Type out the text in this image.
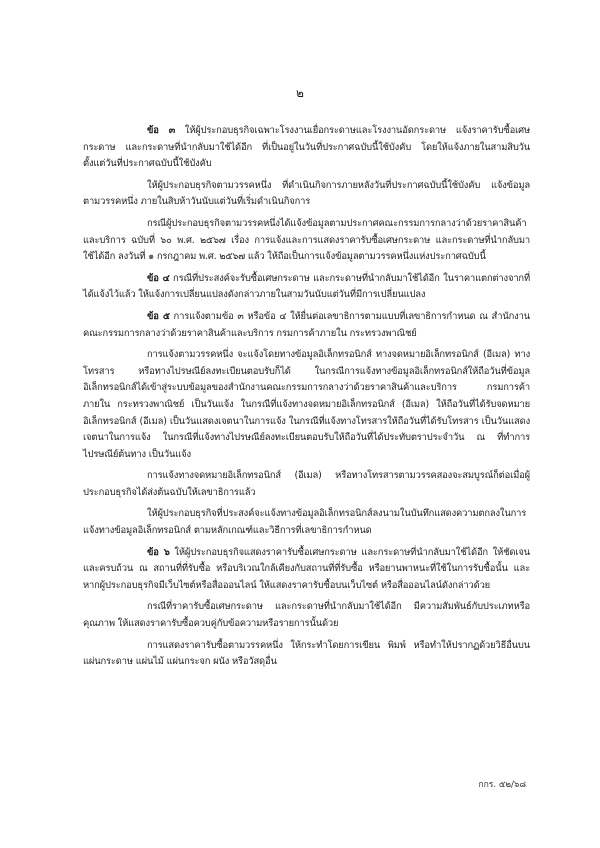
๒

ข้อ ๓ ให้ผู้ประกอบธุรกิจเฉพาะโรงงานเยื่อกระดาษและโรงงานอัดกระดาษ แจ้งราคารับซื้อเศษกระดาษ และกระดาษที่นำกลับมาใช้ได้อีก ที่เป็นอยู่ในวันที่ประกาศฉบับนี้ใช้บังคับ โดยให้แจ้งภายในสามสิบวันตั้งแต่วันที่ประกาศฉบับนี้ใช้บังคับ

ให้ผู้ประกอบธุรกิจตามวรรคหนึ่ง ที่ดำเนินกิจการภายหลังวันที่ประกาศฉบับนี้ใช้บังคับ แจ้งข้อมูลตามวรรคหนึ่ง ภายในสิบห้าวันนับแต่วันที่เริ่มดำเนินกิจการ

กรณีผู้ประกอบธุรกิจตามวรรคหนึ่งได้แจ้งข้อมูลตามประกาศคณะกรรมการกลางว่าด้วยราคาสินค้าและบริการ ฉบับที่ ๖๐ พ.ศ. ๒๕๖๗ เรื่อง การแจ้งและการแสดงราคารับซื้อเศษกระดาษ และกระดาษที่นำกลับมาใช้ได้อีก ลงวันที่ ๑ กรกฎาคม พ.ศ. ๒๕๖๗ แล้ว ให้ถือเป็นการแจ้งข้อมูลตามวรรคหนึ่งแห่งประกาศฉบับนี้

ข้อ ๔ กรณีที่ประสงค์จะรับซื้อเศษกระดาษ และกระดาษที่นำกลับมาใช้ได้อีก ในราคาแตกต่างจากที่ได้แจ้งไว้แล้ว ให้แจ้งการเปลี่ยนแปลงดังกล่าวภายในสามวันนับแต่วันที่มีการเปลี่ยนแปลง

ข้อ ๕ การแจ้งตามข้อ ๓ หรือข้อ ๔ ให้ยื่นต่อเลขาธิการตามแบบที่เลขาธิการกำหนด ณ สำนักงานคณะกรรมการกลางว่าด้วยราคาสินค้าและบริการ กรมการค้าภายใน กระทรวงพาณิชย์

การแจ้งตามวรรคหนึ่ง จะแจ้งโดยทางข้อมูลอิเล็กทรอนิกส์ ทางจดหมายอิเล็กทรอนิกส์ (อีเมล) ทางโทรสาร หรือทางไปรษณีย์ลงทะเบียนตอบรับก็ได้ ในกรณีการแจ้งทางข้อมูลอิเล็กทรอนิกส์ให้ถือวันที่ข้อมูลอิเล็กทรอนิกส์ได้เข้าสู่ระบบข้อมูลของสำนักงานคณะกรรมการกลางว่าด้วยราคาสินค้าและบริการ กรมการค้าภายใน กระทรวงพาณิชย์ เป็นวันแจ้ง ในกรณีที่แจ้งทางจดหมายอิเล็กทรอนิกส์ (อีเมล) ให้ถือวันที่ได้รับจดหมายอิเล็กทรอนิกส์ (อีเมล) เป็นวันแสดงเจตนาในการแจ้ง ในกรณีที่แจ้งทางโทรสารให้ถือวันที่ได้รับโทรสาร เป็นวันแสดงเจตนาในการแจ้ง ในกรณีที่แจ้งทางไปรษณีย์ลงทะเบียนตอบรับให้ถือวันที่ได้ประทับตราประจำวัน ณ ที่ทำการไปรษณีย์ต้นทาง เป็นวันแจ้ง

การแจ้งทางจดหมายอิเล็กทรอนิกส์ (อีเมล) หรือทางโทรสารตามวรรคสองจะสมบูรณ์ก็ต่อเมื่อผู้ประกอบธุรกิจได้ส่งต้นฉบับให้เลขาธิการแล้ว

ให้ผู้ประกอบธุรกิจที่ประสงค์จะแจ้งทางข้อมูลอิเล็กทรอนิกส์ลงนามในบันทึกแสดงความตกลงในการแจ้งทางข้อมูลอิเล็กทรอนิกส์ ตามหลักเกณฑ์และวิธีการที่เลขาธิการกำหนด

ข้อ ๖ ให้ผู้ประกอบธุรกิจแสดงราคารับซื้อเศษกระดาษ และกระดาษที่นำกลับมาใช้ได้อีก ให้ชัดเจนและครบถ้วน ณ สถานที่ที่รับซื้อ หรือบริเวณใกล้เคียงกับสถานที่ที่รับซื้อ หรือยานพาหนะที่ใช้ในการรับซื้อนั้น และหากผู้ประกอบธุรกิจมีเว็บไซต์หรือสื่อออนไลน์ ให้แสดงราคารับซื้อบนเว็บไซต์ หรือสื่อออนไลน์ดังกล่าวด้วย

กรณีที่ราคารับซื้อเศษกระดาษ และกระดาษที่นำกลับมาใช้ได้อีก มีความสัมพันธ์กับประเภทหรือคุณภาพ ให้แสดงราคารับซื้อควบคู่กับข้อความหรือรายการนั้นด้วย

การแสดงราคารับซื้อตามวรรคหนึ่ง ให้กระทำโดยการเขียน พิมพ์ หรือทำให้ปรากฏด้วยวิธีอื่นบนแผ่นกระดาษ แผ่นไม้ แผ่นกระจก ผนัง หรือวัสดุอื่น

กกร. ๕๒/๖๘
